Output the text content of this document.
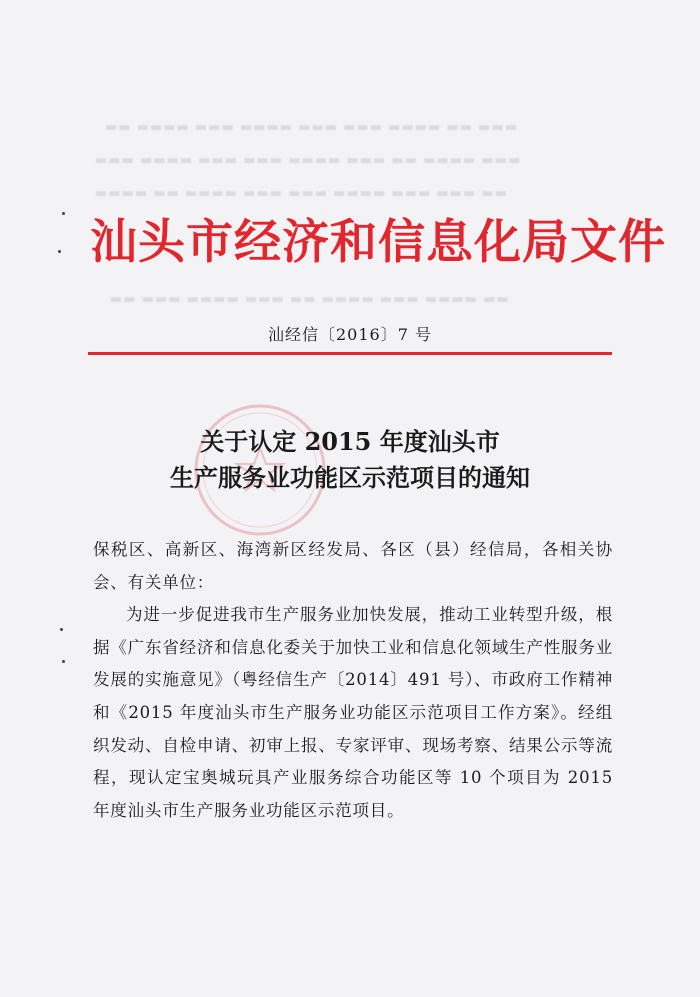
▬▬ ▬▬▬▬ ▬▬▬ ▬▬▬▬ ▬▬▬ ▬▬▬ ▬▬▬▬ ▬▬ ▬▬▬
▬▬▬ ▬▬▬▬ ▬▬▬ ▬▬▬ ▬▬▬▬ ▬▬▬ ▬▬ ▬▬▬▬ ▬▬▬
▬▬▬▬ ▬▬ ▬▬▬▬ ▬▬▬ ▬▬▬ ▬▬▬▬ ▬▬▬ ▬▬▬ ▬▬
▬▬ ▬▬▬ ▬▬▬▬ ▬▬▬ ▬▬ ▬▬▬▬ ▬▬▬ ▬▬▬▬ ▬▬
汕头市经济和信息化局文件
汕经信〔2016〕7 号
关于认定 2015 年度汕头市
生产服务业功能区示范项目的通知

保税区、高新区、海湾新区经发局、各区（县）经信局，各相关协会、有关单位：

为进一步促进我市生产服务业加快发展，推动工业转型升级，根据《广东省经济和信息化委关于加快工业和信息化领域生产性服务业发展的实施意见》（粤经信生产〔2014〕491 号）、市政府工作精神和《2015 年度汕头市生产服务业功能区示范项目工作方案》。经组织发动、自检申请、初审上报、专家评审、现场考察、结果公示等流程，现认定宝奥城玩具产业服务综合功能区等 10 个项目为 2015 年度汕头市生产服务业功能区示范项目。
